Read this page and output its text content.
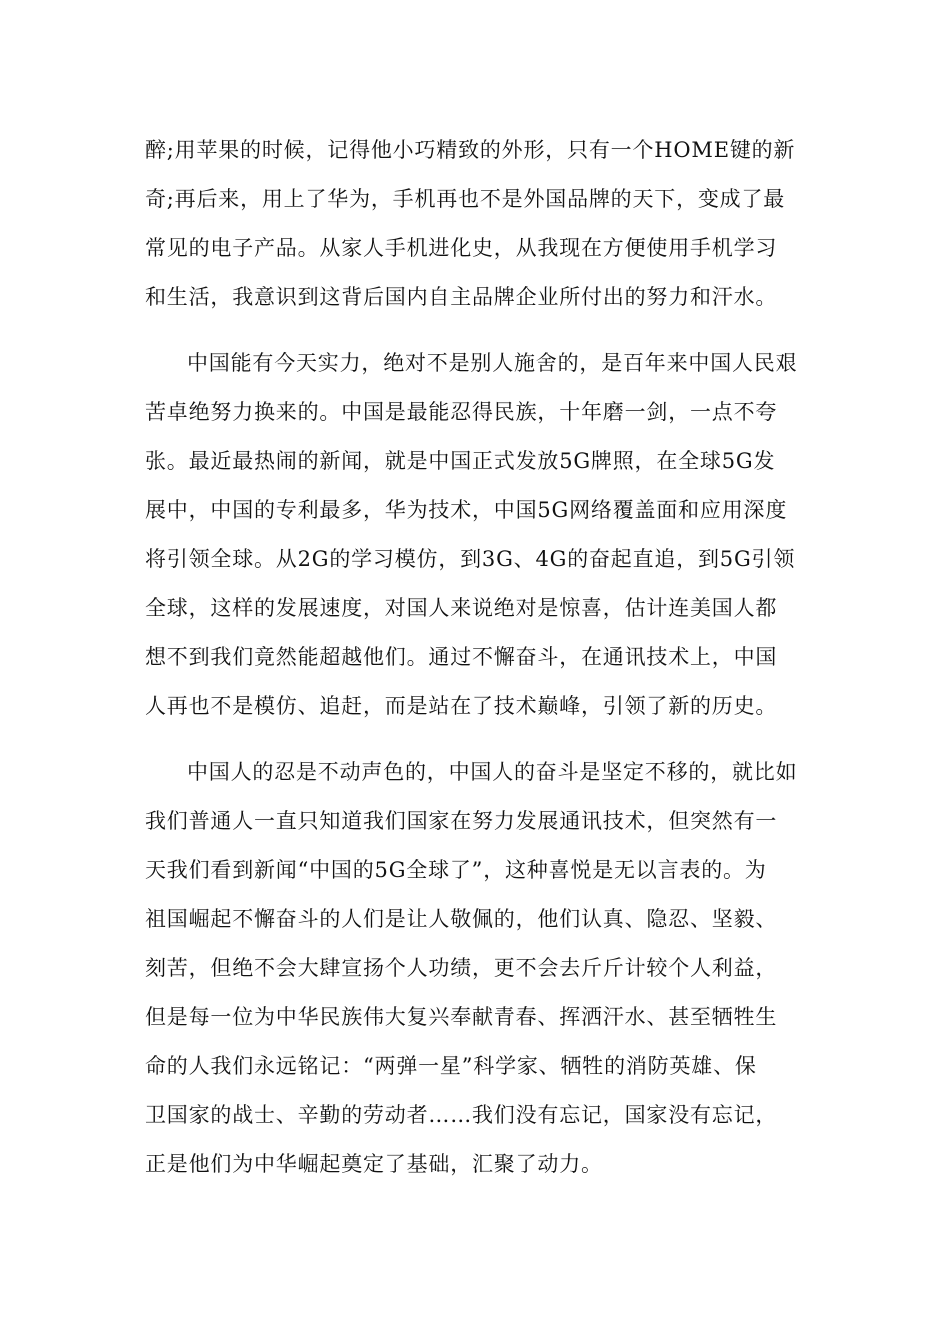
醉;用苹果的时候，记得他小巧精致的外形，只有一个HOME键的新
奇;再后来，用上了华为，手机再也不是外国品牌的天下，变成了最
常见的电子产品。从家人手机进化史，从我现在方便使用手机学习
和生活，我意识到这背后国内自主品牌企业所付出的努力和汗水。
中国能有今天实力，绝对不是别人施舍的，是百年来中国人民艰
苦卓绝努力换来的。中国是最能忍得民族，十年磨一剑，一点不夸
张。最近最热闹的新闻，就是中国正式发放5G牌照，在全球5G发
展中，中国的专利最多，华为技术，中国5G网络覆盖面和应用深度
将引领全球。从2G的学习模仿，到3G、4G的奋起直追，到5G引领
全球，这样的发展速度，对国人来说绝对是惊喜，估计连美国人都
想不到我们竟然能超越他们。通过不懈奋斗，在通讯技术上，中国
人再也不是模仿、追赶，而是站在了技术巅峰，引领了新的历史。
中国人的忍是不动声色的，中国人的奋斗是坚定不移的，就比如
我们普通人一直只知道我们国家在努力发展通讯技术，但突然有一
天我们看到新闻“中国的5G全球了”，这种喜悦是无以言表的。为
祖国崛起不懈奋斗的人们是让人敬佩的，他们认真、隐忍、坚毅、
刻苦，但绝不会大肆宣扬个人功绩，更不会去斤斤计较个人利益，
但是每一位为中华民族伟大复兴奉献青春、挥洒汗水、甚至牺牲生
命的人我们永远铭记：“两弹一星”科学家、牺牲的消防英雄、保
卫国家的战士、辛勤的劳动者……我们没有忘记，国家没有忘记，
正是他们为中华崛起奠定了基础，汇聚了动力。
